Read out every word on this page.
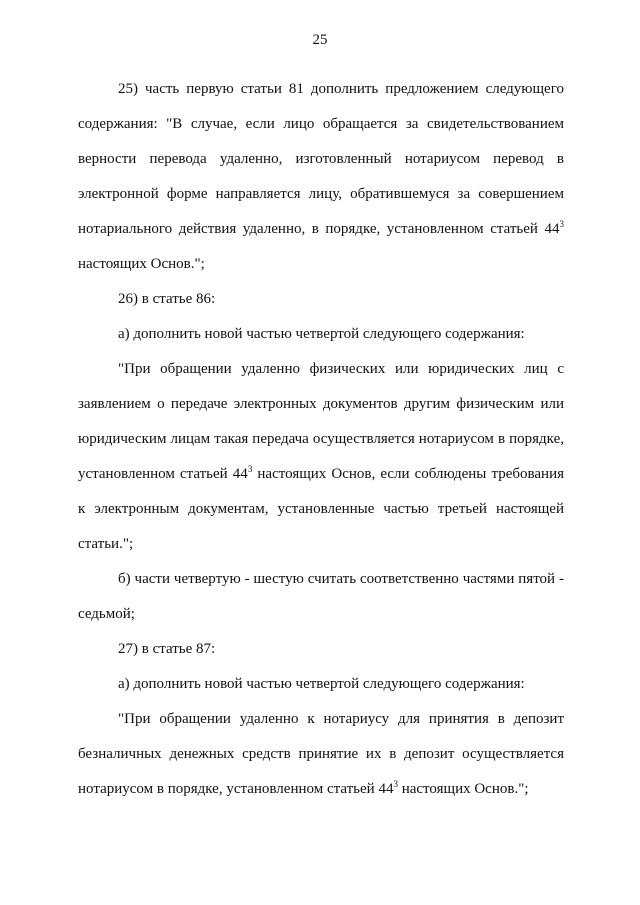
25

25) часть первую статьи 81 дополнить предложением следующего содержания: "В случае, если лицо обращается за свидетельствованием верности перевода удаленно, изготовленный нотариусом перевод в электронной форме направляется лицу, обратившемуся за совершением нотариального действия удаленно, в порядке, установленном статьей $44^3$ настоящих Основ.";

26) в статье 86:

а) дополнить новой частью четвертой следующего содержания:

"При обращении удаленно физических или юридических лиц с заявлением о передаче электронных документов другим физическим или юридическим лицам такая передача осуществляется нотариусом в порядке, установленном статьей $44^3$ настоящих Основ, если соблюдены требования к электронным документам, установленные частью третьей настоящей статьи.";

б) части четвертую - шестую считать соответственно частями пятой - седьмой;

27) в статье 87:

а) дополнить новой частью четвертой следующего содержания:

"При обращении удаленно к нотариусу для принятия в депозит безналичных денежных средств принятие их в депозит осуществляется нотариусом в порядке, установленном статьей $44^3$ настоящих Основ.";
